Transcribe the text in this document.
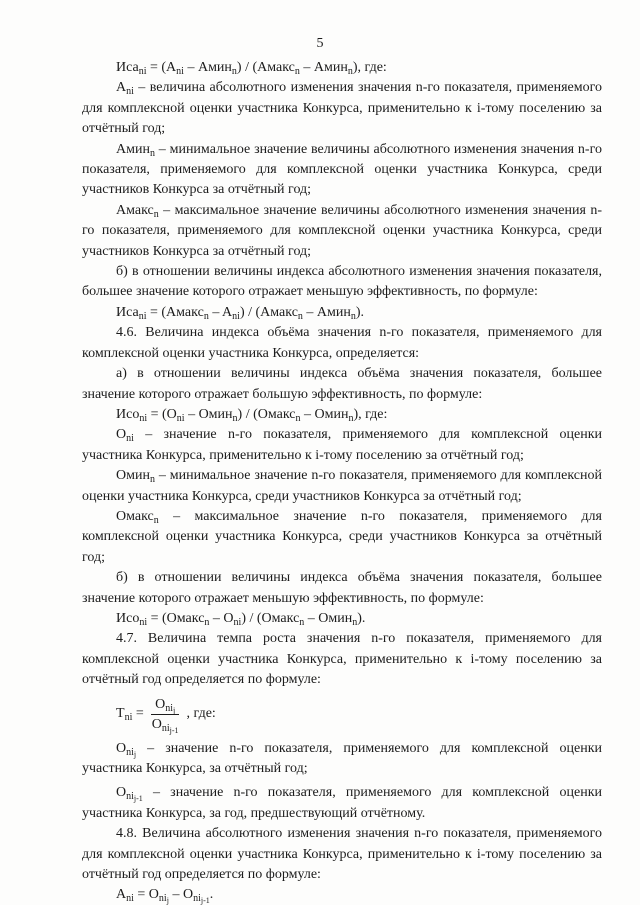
5

$Иса_{ni} = (A_{ni}$ – Амин$_n$) / (Амакс$_n$ – Амин$_n$), где:

$A_{ni}$ – величина абсолютного изменения значения n-го показателя, применяемого для комплексной оценки участника Конкурса, применительно к i-тому поселению за отчётный год;

Амин$_n$ – минимальное значение величины абсолютного изменения значения n-го показателя, применяемого для комплексной оценки участника Конкурса, среди участников Конкурса за отчётный год;

Амакс$_n$ – максимальное значение величины абсолютного изменения значения n-го показателя, применяемого для комплексной оценки участника Конкурса, среди участников Конкурса за отчётный год;

б) в отношении величины индекса абсолютного изменения значения показателя, большее значение которого отражает меньшую эффективность, по формуле:

Иса$_{ni}$ = (Амакс$_n$ – $A_{ni}$) / (Амакс$_n$ – Амин$_n$).

4.6. Величина индекса объёма значения n-го показателя, применяемого для комплексной оценки участника Конкурса, определяется:

а) в отношении величины индекса объёма значения показателя, большее значение которого отражает большую эффективность, по формуле:

$Исо_{ni} = (O_{ni}$ – Омин$_n$) / (Омакс$_n$ – Омин$_n$), где:

$O_{ni}$ – значение n-го показателя, применяемого для комплексной оценки участника Конкурса, применительно к i-тому поселению за отчётный год;

Омин$_n$ – минимальное значение n-го показателя, применяемого для комплексной оценки участника Конкурса, среди участников Конкурса за отчётный год;

Омакс$_n$ – максимальное значение n-го показателя, применяемого для комплексной оценки участника Конкурса, среди участников Конкурса за отчётный год;

б) в отношении величины индекса объёма значения показателя, большее значение которого отражает меньшую эффективность, по формуле:

Исо$_{ni}$ = (Омакс$_n$ – $O_{ni}$) / (Омакс$_n$ – Омин$_n$).

4.7. Величина темпа роста значения n-го показателя, применяемого для комплексной оценки участника Конкурса, применительно к i-тому поселению за отчётный год определяется по формуле:

$T_{ni} = \frac{O_{ni_j}}{O_{ni_{j-1}}}$ , где:

$O_{ni_j}$ – значение n-го показателя, применяемого для комплексной оценки участника Конкурса, за отчётный год;

$O_{ni_{j-1}}$ – значение n-го показателя, применяемого для комплексной оценки участника Конкурса, за год, предшествующий отчётному.

4.8. Величина абсолютного изменения значения n-го показателя, применяемого для комплексной оценки участника Конкурса, применительно к i-тому поселению за отчётный год определяется по формуле:

$A_{ni} = O_{ni_j} - O_{ni_{j-1}}$.
